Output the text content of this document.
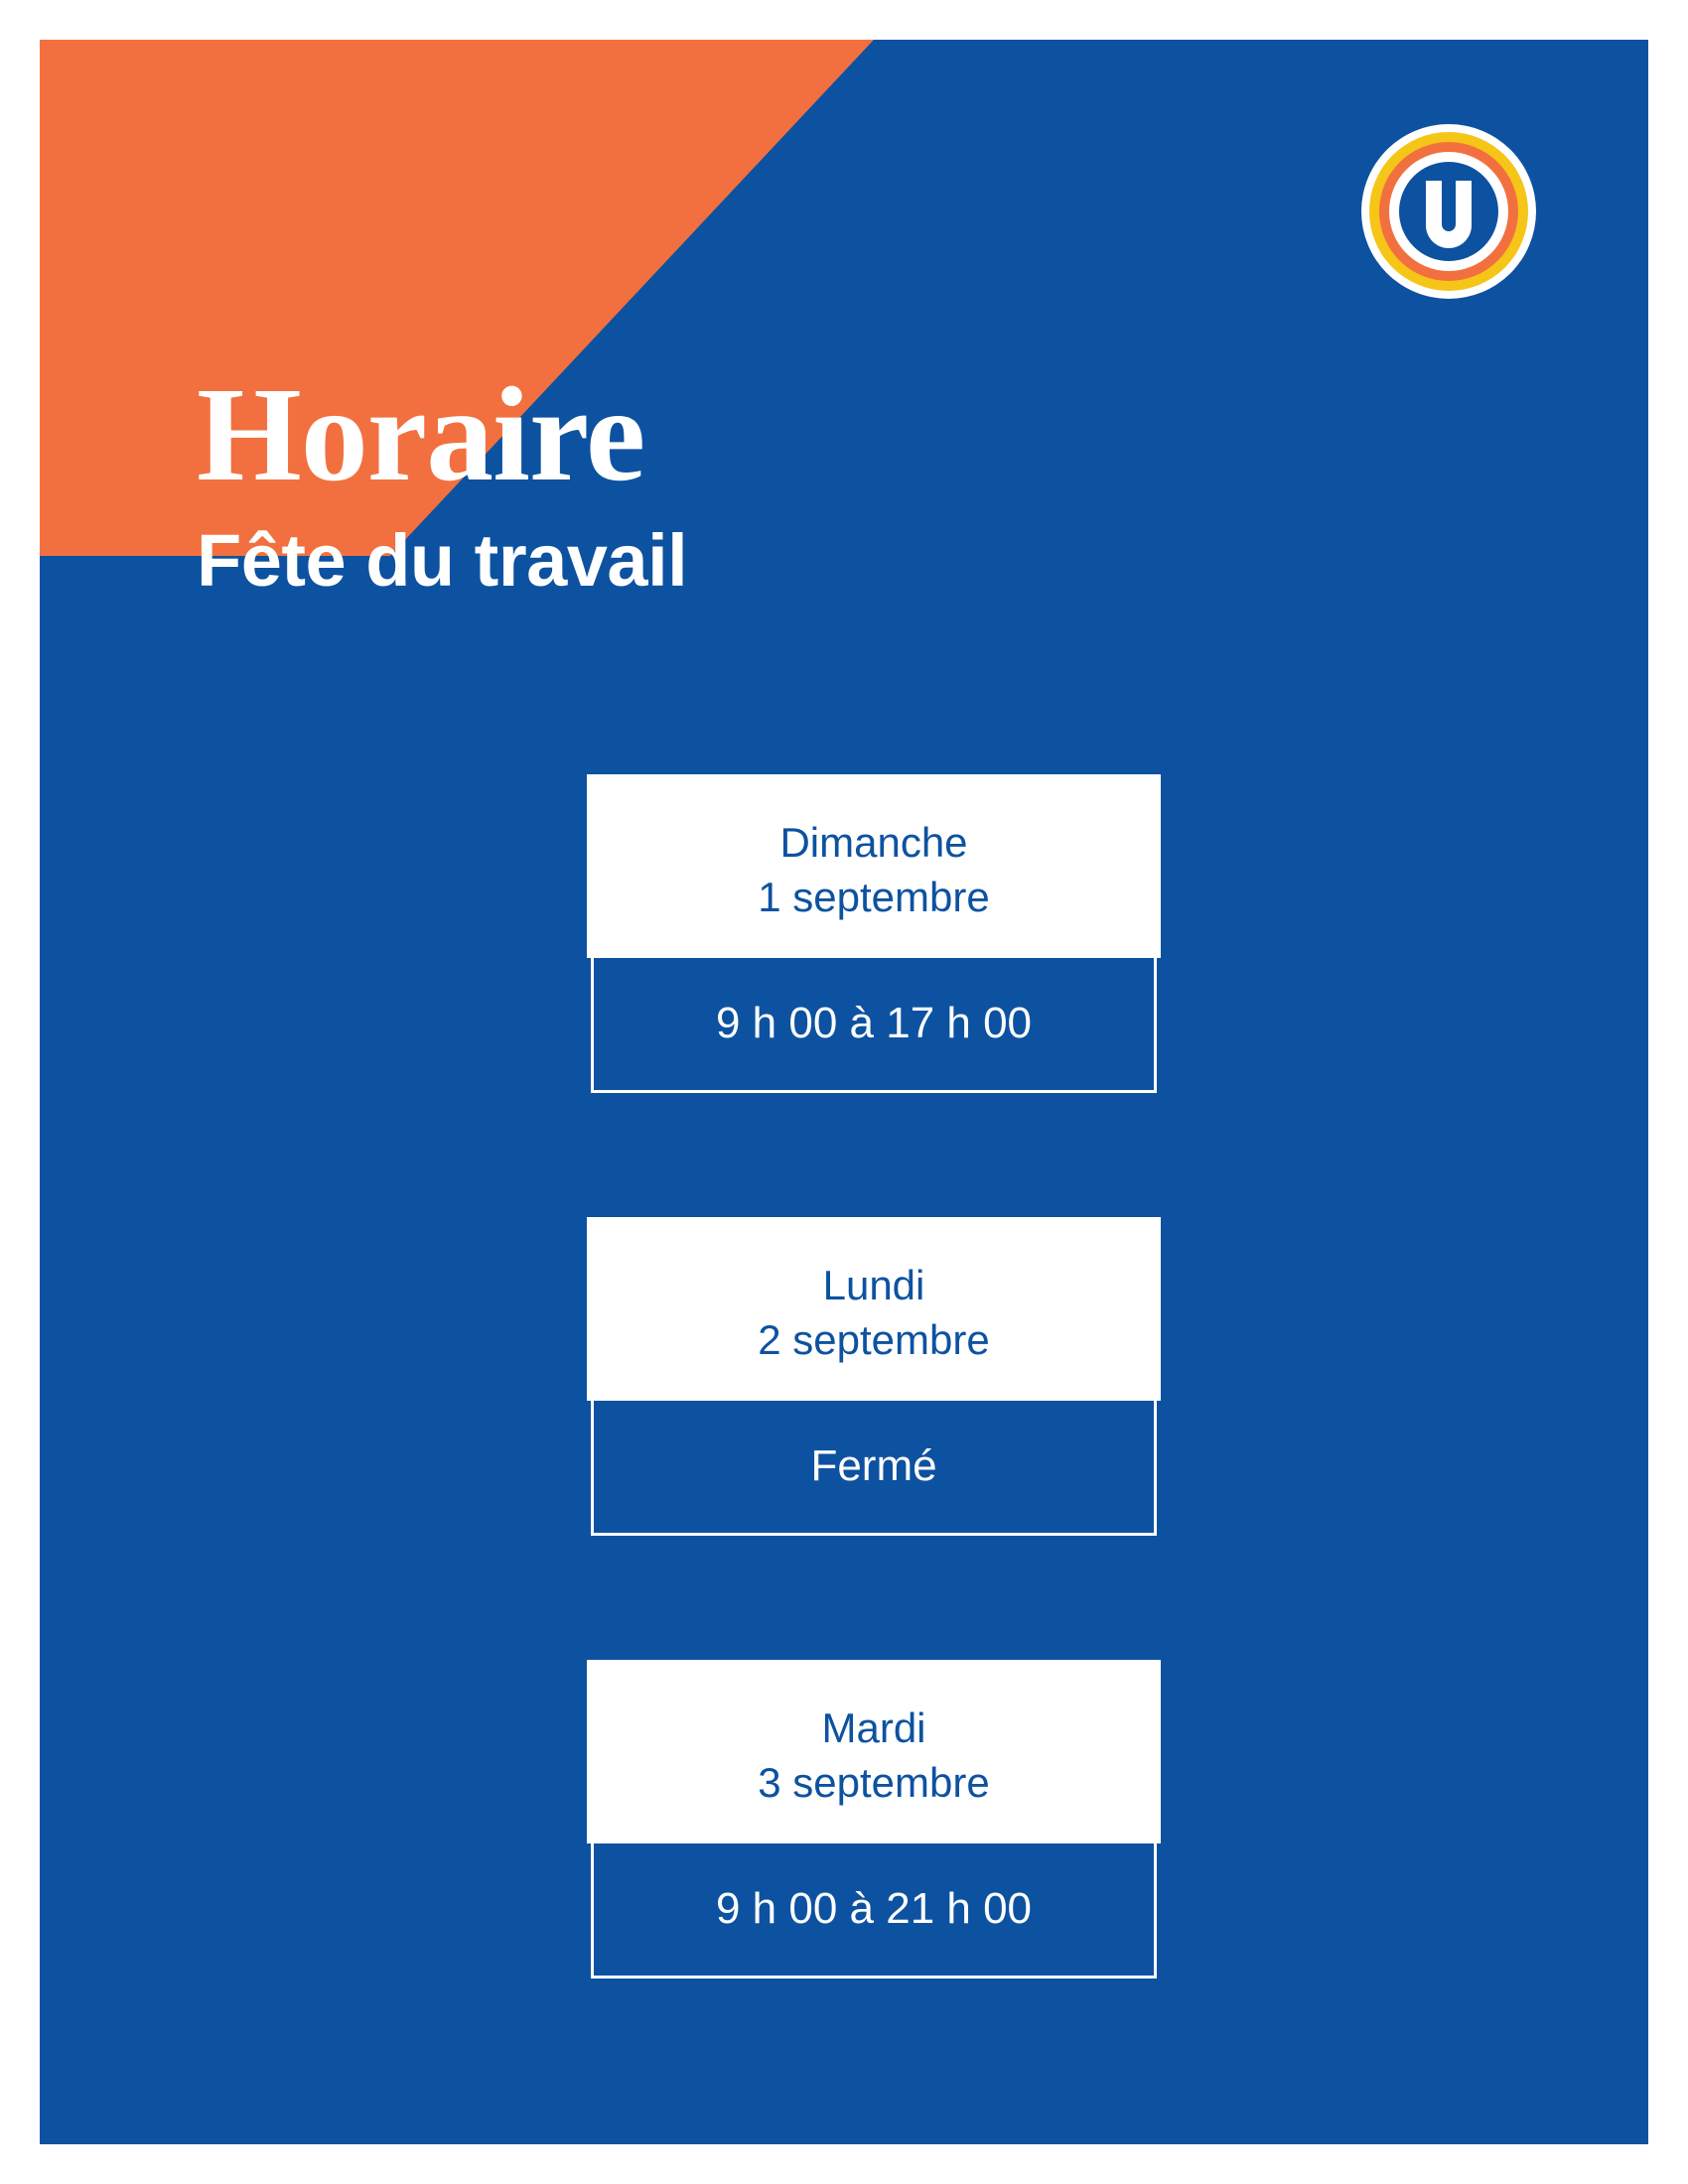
Horaire
Fête du travail
Dimanche
1 septembre
9 h 00 à 17 h 00
Lundi
2 septembre
Fermé
Mardi
3 septembre
9 h 00 à 21 h 00
